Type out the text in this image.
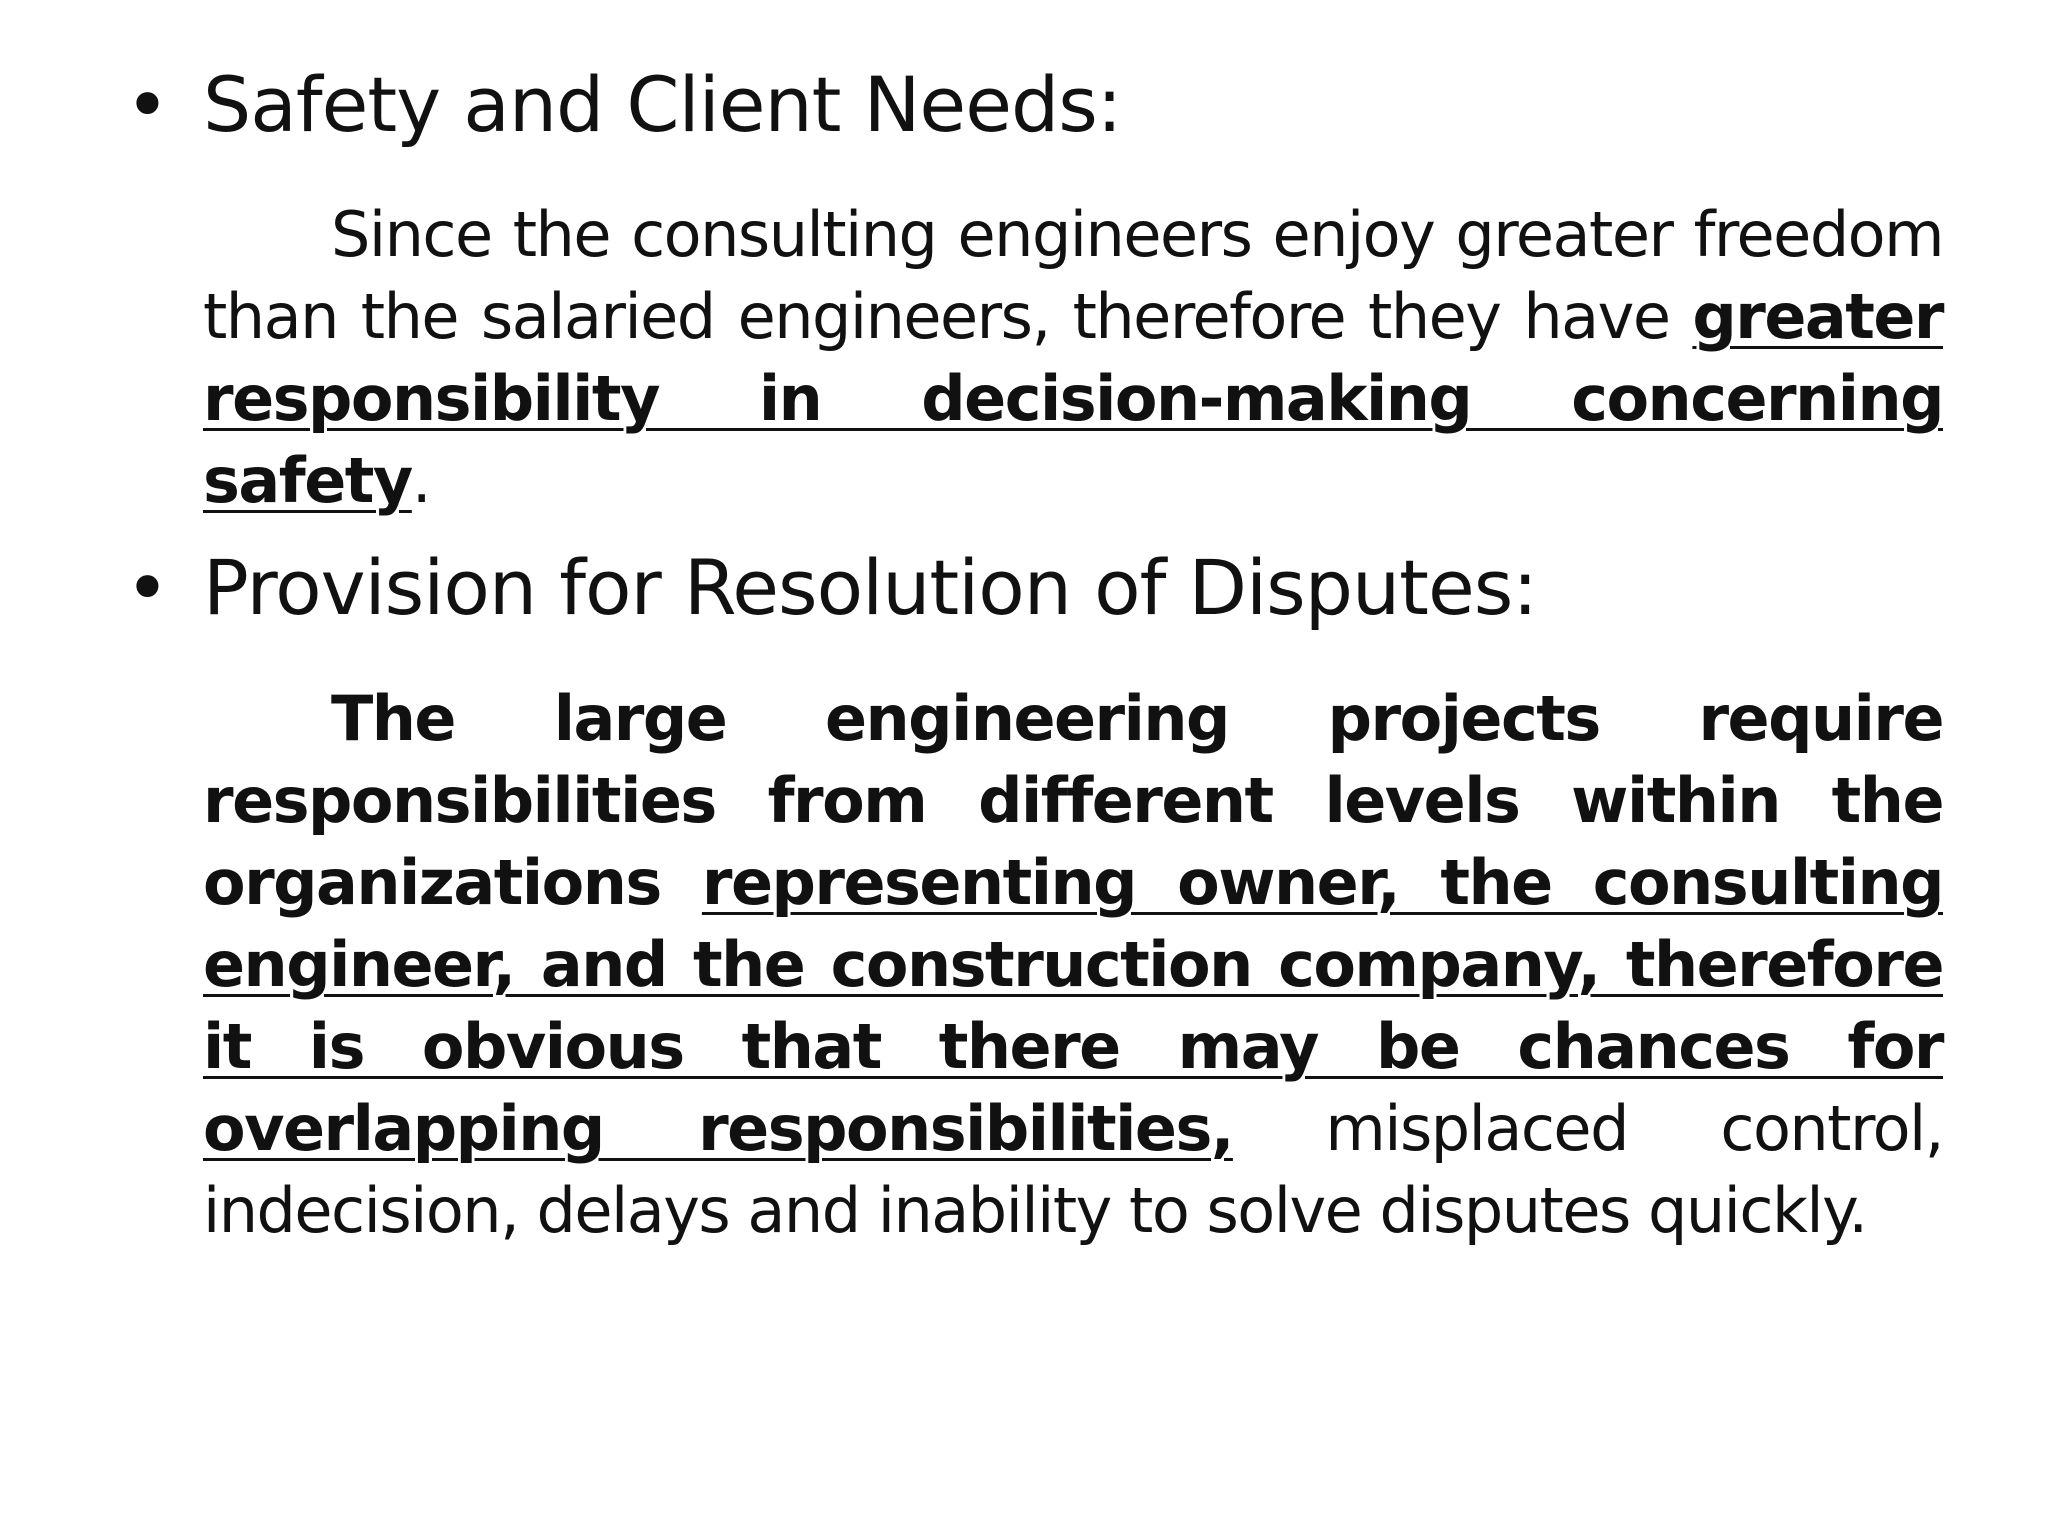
• Safety and Client Needs:
Since the consulting engineers enjoy greater freedom than the salaried engineers, therefore they have greater responsibility in decision-making concerning safety.
• Provision for Resolution of Disputes:
The large engineering projects require responsibilities from different levels within the organizations representing owner, the consulting engineer, and the construction company, therefore it is obvious that there may be chances for overlapping responsibilities, misplaced control, indecision, delays and inability to solve disputes quickly.
